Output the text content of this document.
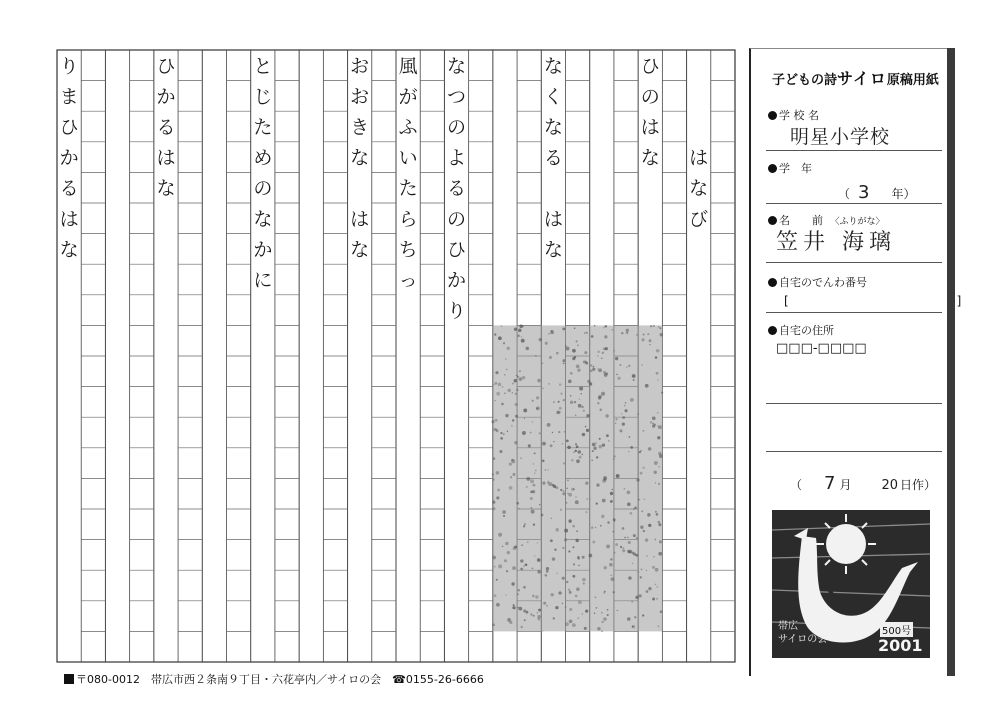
は
な
び
ひ
の
は
な
な
く
な
る
は
な
な
つ
の
よ
る
の
ひ
か
り
風
が
ふ
い
た
ら
ち
っ
お
お
き
な
は
な
と
じ
た
め
の
な
か
に
ひ
か
る
は
な
り
ま
ひ
か
る
は
な
子どもの詩サイロ原稿用紙
学 校 名
明星小学校
学　年
（ 3 年）
名　　前 〈ふりがな〉
笠井 海璃
自宅のでんわ番号
[　　　　　　　　　　　　　　]
自宅の住所
□□□-□□□□
（ 7 月 20 日作）
帯広
サイロの会
500号
2001
〒080-0012　帯広市西２条南９丁目・六花亭内／サイロの会　☎0155-26-6666
